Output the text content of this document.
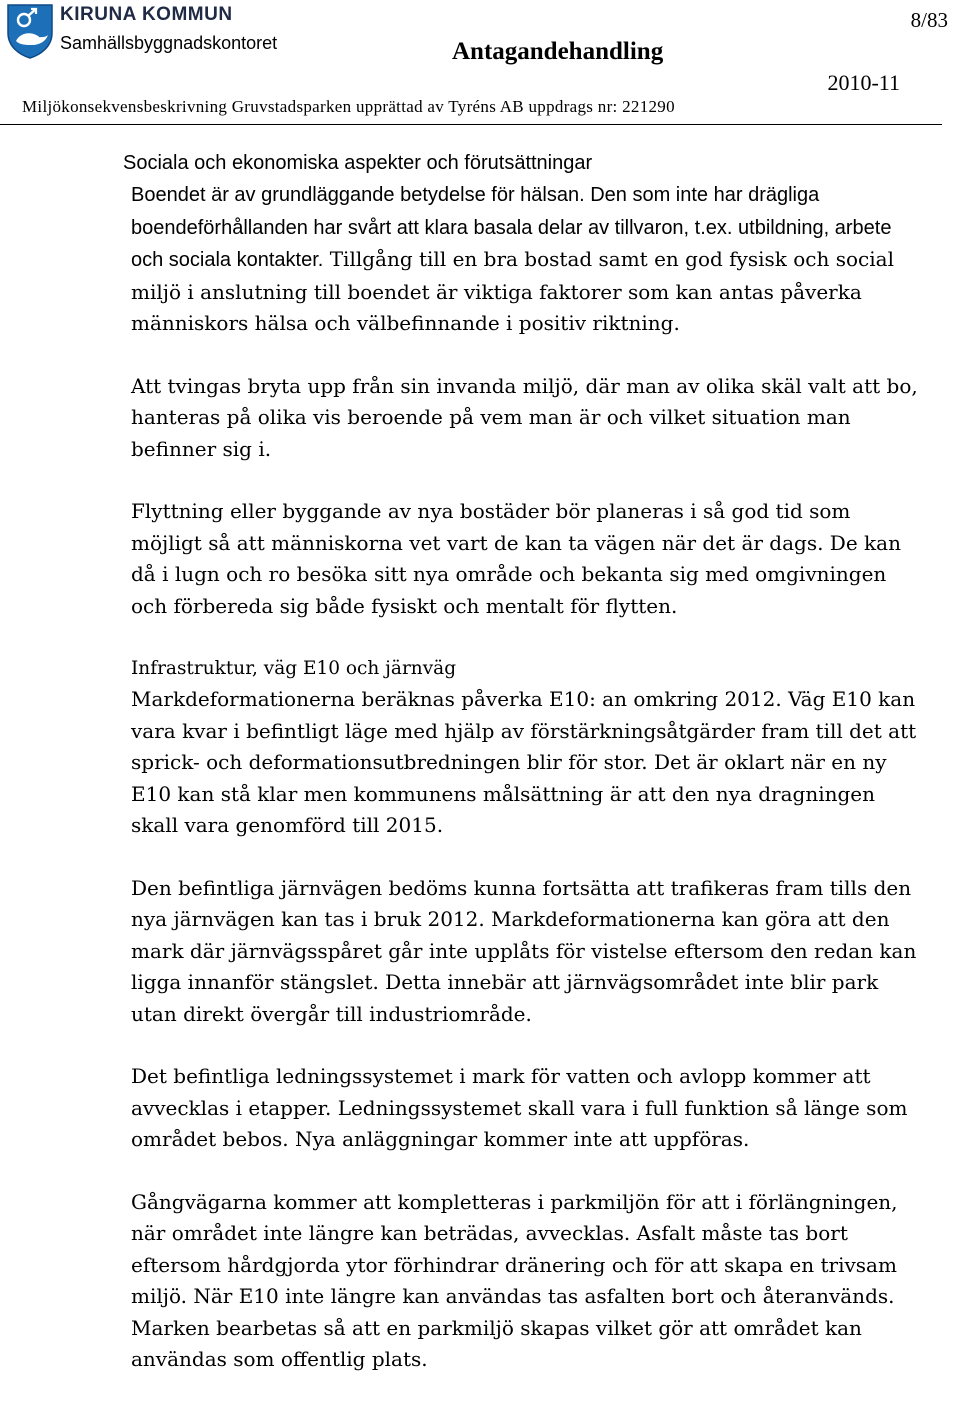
KIRUNA KOMMUN
Samhällsbyggnadskontoret	Antagandehandling
8/83
2010-11
Miljökonsekvensbeskrivning Gruvstadsparken upprättad av Tyréns AB uppdrags nr: 221290
Sociala och ekonomiska aspekter och förutsättningar

Boendet är av grundläggande betydelse för hälsan. Den som inte har drägliga boendeförhållanden har svårt att klara basala delar av tillvaron, t.ex. utbildning, arbete och sociala kontakter. Tillgång till en bra bostad samt en god fysisk och social miljö i anslutning till boendet är viktiga faktorer som kan antas påverka människors hälsa och välbefinnande i positiv riktning.

Att tvingas bryta upp från sin invanda miljö, där man av olika skäl valt att bo, hanteras på olika vis beroende på vem man är och vilket situation man befinner sig i.

Flyttning eller byggande av nya bostäder bör planeras i så god tid som möjligt så att människorna vet vart de kan ta vägen när det är dags. De kan då i lugn och ro besöka sitt nya område och bekanta sig med omgivningen och förbereda sig både fysiskt och mentalt för flytten.

Infrastruktur, väg E10 och järnväg

Markdeformationerna beräknas påverka E10: an omkring 2012. Väg E10 kan vara kvar i befintligt läge med hjälp av förstärkningsåtgärder fram till det att sprick- och deformationsutbredningen blir för stor. Det är oklart när en ny E10 kan stå klar men kommunens målsättning är att den nya dragningen skall vara genomförd till 2015.

Den befintliga järnvägen bedöms kunna fortsätta att trafikeras fram tills den nya järnvägen kan tas i bruk 2012. Markdeformationerna kan göra att den mark där järnvägsspåret går inte upplåts för vistelse eftersom den redan kan ligga innanför stängslet. Detta innebär att järnvägsområdet inte blir park utan direkt övergår till industriområde.

Det befintliga ledningssystemet i mark för vatten och avlopp kommer att avvecklas i etapper. Ledningssystemet skall vara i full funktion så länge som området bebos. Nya anläggningar kommer inte att uppföras.

Gångvägarna kommer att kompletteras i parkmiljön för att i förlängningen, när området inte längre kan beträdas, avvecklas. Asfalt måste tas bort eftersom hårdgjorda ytor förhindrar dränering och för att skapa en trivsam miljö. När E10 inte längre kan användas tas asfalten bort och återanvänds. Marken bearbetas så att en parkmiljö skapas vilket gör att området kan användas som offentlig plats.
